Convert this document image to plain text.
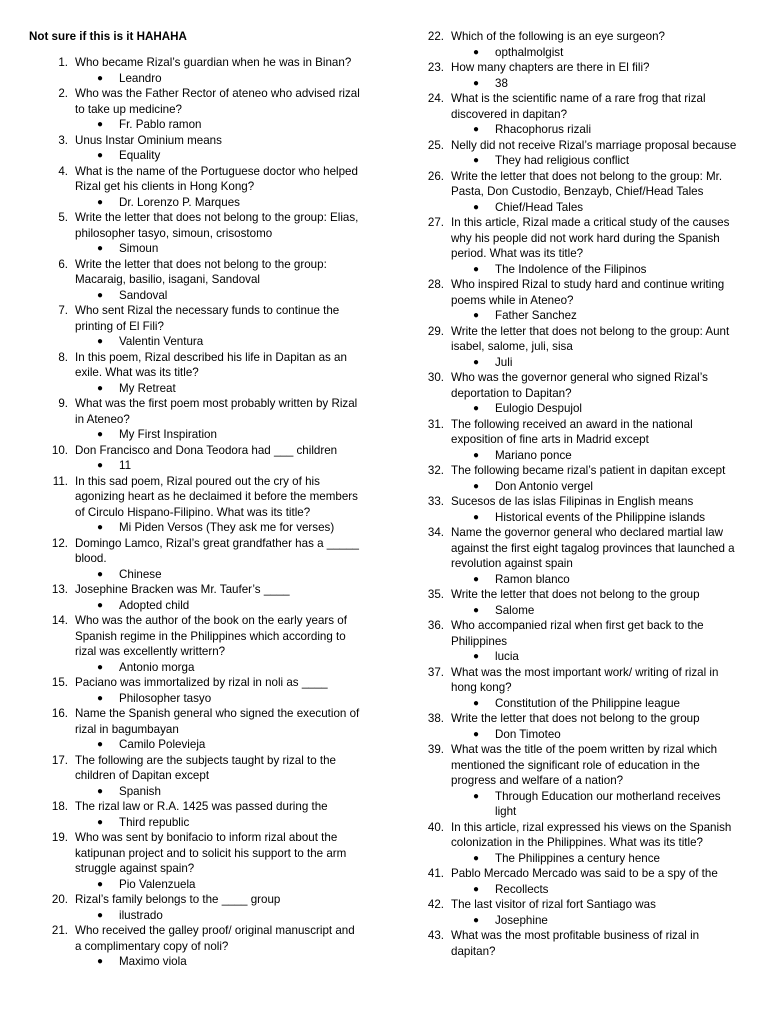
Not sure if this is it HAHAHA
1. Who became Rizal’s guardian when he was in Binan?
●	Leandro
2. Who was the Father Rector of ateneo who advised rizal to take up medicine?
●	Fr. Pablo ramon
3. Unus Instar Ominium means
●	Equality
4. What is the name of the Portuguese doctor who helped Rizal get his clients in Hong Kong?
●	Dr. Lorenzo P. Marques
5. Write the letter that does not belong to the group: Elias, philosopher tasyo, simoun, crisostomo
●	Simoun
6. Write the letter that does not belong to the group: Macaraig, basilio, isagani, Sandoval
●	Sandoval
7. Who sent Rizal the necessary funds to continue the printing of El Fili?
●	Valentin Ventura
8. In this poem, Rizal described his life in Dapitan as an exile. What was its title?
●	My Retreat
9. What was the first poem most probably written by Rizal in Ateneo?
●	My First Inspiration
10. Don Francisco and Dona Teodora had ___ children
●	11
11. In this sad poem, Rizal poured out the cry of his agonizing heart as he declaimed it before the members of Circulo Hispano-Filipino. What was its title?
●	Mi Piden Versos (They ask me for verses)
12. Domingo Lamco, Rizal’s great grandfather has a _____ blood.
●	Chinese
13. Josephine Bracken was Mr. Taufer’s ____
●	Adopted child
14. Who was the author of the book on the early years of Spanish regime in the Philippines which according to rizal was excellently writtern?
●	Antonio morga
15. Paciano was immortalized by rizal in noli as ____
●	Philosopher tasyo
16. Name the Spanish general who signed the execution of rizal in bagumbayan
●	Camilo Polevieja
17. The following are the subjects taught by rizal to the children of Dapitan except
●	Spanish
18. The rizal law or R.A. 1425 was passed during the
●	Third republic
19. Who was sent by bonifacio to inform rizal about the katipunan project and to solicit his support to the arm struggle against spain?
●	Pio Valenzuela
20. Rizal’s family belongs to the ____ group
●	ilustrado
21. Who received the galley proof/ original manuscript and a complimentary copy of noli?
●	Maximo viola
22. Which of the following is an eye surgeon?
●	opthalmolgist
23. How many chapters are there in El fili?
●	38
24. What is the scientific name of a rare frog that rizal discovered in dapitan?
●	Rhacophorus rizali
25. Nelly did not receive Rizal’s marriage proposal because
●	They had religious conflict
26. Write the letter that does not belong to the group: Mr. Pasta, Don Custodio, Benzayb, Chief/Head Tales
●	Chief/Head Tales
27. In this article, Rizal made a critical study of the causes why his people did not work hard during the Spanish period. What was its title?
●	The Indolence of the Filipinos
28. Who inspired Rizal to study hard and continue writing poems while in Ateneo?
●	Father Sanchez
29. Write the letter that does not belong to the group: Aunt isabel, salome, juli, sisa
●	Juli
30. Who was the governor general who signed Rizal’s deportation to Dapitan?
●	Eulogio Despujol
31. The following received an award in the national exposition of fine arts in Madrid except
●	Mariano ponce
32. The following became rizal’s patient in dapitan except
●	Don Antonio vergel
33. Sucesos de las islas Filipinas in English means
●	Historical events of the Philippine islands
34. Name the governor general who declared martial law against the first eight tagalog provinces that launched a revolution against spain
●	Ramon blanco
35. Write the letter that does not belong to the group
●	Salome
36. Who accompanied rizal when first get back to the Philippines
●	lucia
37. What was the most important work/ writing of rizal in hong kong?
●	Constitution of the Philippine league
38. Write the letter that does not belong to the group
●	Don Timoteo
39. What was the title of the poem written by rizal which mentioned the significant role of education in the progress and welfare of a nation?
●	Through Education our motherland receives light
40. In this article, rizal expressed his views on the Spanish colonization in the Philippines. What was its title?
●	The Philippines a century hence
41. Pablo Mercado Mercado was said to be a spy of the
●	Recollects
42. The last visitor of rizal fort Santiago was
●	Josephine
43. What was the most profitable business of rizal in dapitan?
